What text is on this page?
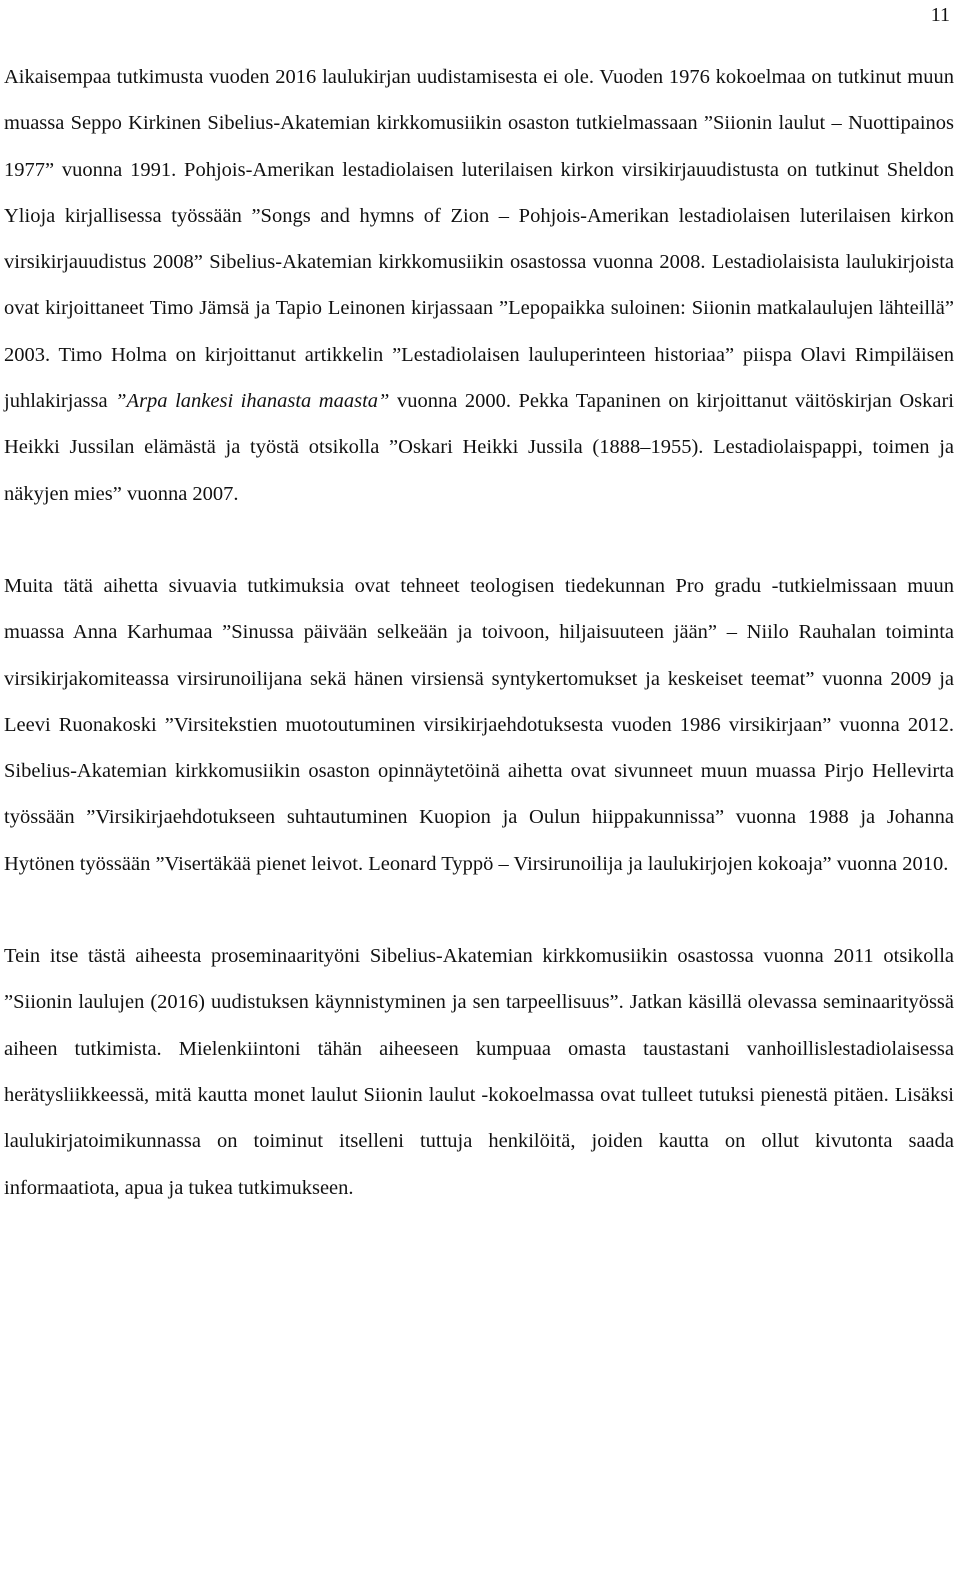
11

Aikaisempaa tutkimusta vuoden 2016 laulukirjan uudistamisesta ei ole. Vuoden 1976 kokoelmaa on tutkinut muun muassa Seppo Kirkinen Sibelius-Akatemian kirkkomusiikin osaston tutkielmassaan ”Siionin laulut – Nuottipainos 1977” vuonna 1991. Pohjois-Amerikan lestadiolaisen luterilaisen kirkon virsikirjauudistusta on tutkinut Sheldon Ylioja kirjallisessa työssään ”Songs and hymns of Zion – Pohjois-Amerikan lestadiolaisen luterilaisen kirkon virsikirjauudistus 2008” Sibelius-Akatemian kirkkomusiikin osastossa vuonna 2008. Lestadiolaisista laulukirjoista ovat kirjoittaneet Timo Jämsä ja Tapio Leinonen kirjassaan ”Lepopaikka suloinen: Siionin matkalaulujen lähteillä” 2003. Timo Holma on kirjoittanut artikkelin ”Lestadiolaisen lauluperinteen historiaa” piispa Olavi Rimpiläisen juhlakirjassa ”Arpa lankesi ihanasta maasta” vuonna 2000. Pekka Tapaninen on kirjoittanut väitöskirjan Oskari Heikki Jussilan elämästä ja työstä otsikolla ”Oskari Heikki Jussila (1888–1955). Lestadiolaispappi, toimen ja näkyjen mies” vuonna 2007.

Muita tätä aihetta sivuavia tutkimuksia ovat tehneet teologisen tiedekunnan Pro gradu -tutkielmissaan muun muassa Anna Karhumaa ”Sinussa päivään selkeään ja toivoon, hiljaisuuteen jään” – Niilo Rauhalan toiminta virsikirjakomiteassa virsirunoilijana sekä hänen virsiensä syntykertomukset ja keskeiset teemat” vuonna 2009 ja Leevi Ruonakoski ”Virsitekstien muotoutuminen virsikirjaehdotuksesta vuoden 1986 virsikirjaan” vuonna 2012. Sibelius-Akatemian kirkkomusiikin osaston opinnäytetöinä aihetta ovat sivunneet muun muassa Pirjo Hellevirta työssään ”Virsikirjaehdotukseen suhtautuminen Kuopion ja Oulun hiippakunnissa” vuonna 1988 ja Johanna Hytönen työssään ”Visertäkää pienet leivot. Leonard Typpö – Virsirunoilija ja laulukirjojen kokoaja” vuonna 2010.

Tein itse tästä aiheesta proseminaarityöni Sibelius-Akatemian kirkkomusiikin osastossa vuonna 2011 otsikolla ”Siionin laulujen (2016) uudistuksen käynnistyminen ja sen tarpeellisuus”. Jatkan käsillä olevassa seminaarityössä aiheen tutkimista. Mielenkiintoni tähän aiheeseen kumpuaa omasta taustastani vanhoillislestadiolaisessa herätysliikkeessä, mitä kautta monet laulut Siionin laulut -kokoelmassa ovat tulleet tutuksi pienestä pitäen. Lisäksi laulukirjatoimikunnassa on toiminut itselleni tuttuja henkilöitä, joiden kautta on ollut kivutonta saada informaatiota, apua ja tukea tutkimukseen.
